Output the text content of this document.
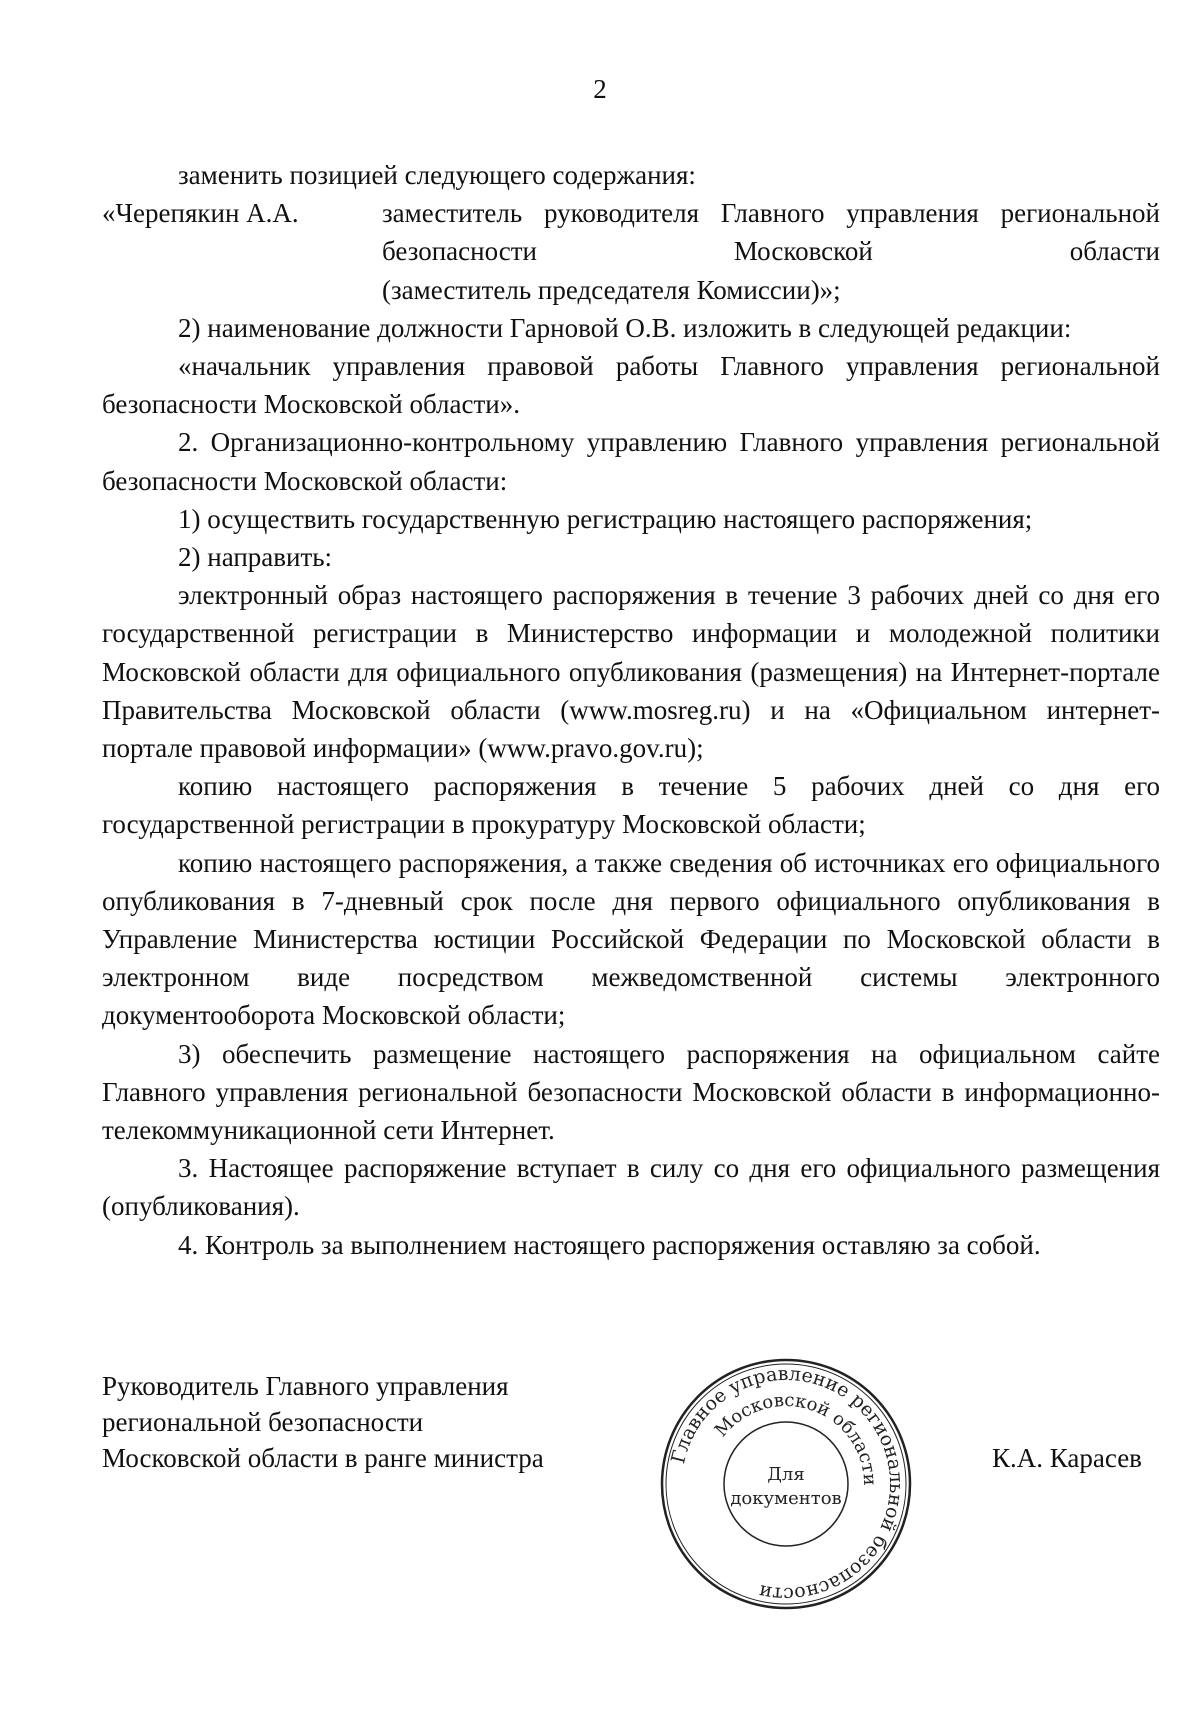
2

заменить позицией следующего содержания:

«Черепякин А.А.	заместитель руководителя Главного управления региональной безопасности Московской области
(заместитель председателя Комиссии)»;

2) наименование должности Гарновой О.В. изложить в следующей редакции:

«начальник управления правовой работы Главного управления региональной безопасности Московской области».

2. Организационно-контрольному управлению Главного управления региональной безопасности Московской области:

1) осуществить государственную регистрацию настоящего распоряжения;

2) направить:

электронный образ настоящего распоряжения в течение 3 рабочих дней со дня его государственной регистрации в Министерство информации и молодежной политики Московской области для официального опубликования (размещения) на Интернет-портале Правительства Московской области (www.mosreg.ru) и на «Официальном интернет-портале правовой информации» (www.pravo.gov.ru);

копию настоящего распоряжения в течение 5 рабочих дней со дня его государственной регистрации в прокуратуру Московской области;

копию настоящего распоряжения, а также сведения об источниках его официального опубликования в 7-дневный срок после дня первого официального опубликования в Управление Министерства юстиции Российской Федерации по Московской области в электронном виде посредством межведомственной системы электронного документооборота Московской области;

3) обеспечить размещение настоящего распоряжения на официальном сайте Главного управления региональной безопасности Московской области в информационно-телекоммуникационной сети Интернет.

3. Настоящее распоряжение вступает в силу со дня его официального размещения (опубликования).

4. Контроль за выполнением настоящего распоряжения оставляю за собой.

Руководитель Главного управления
региональной безопасности
Московской области в ранге министра	К.А. Карасев
Главное управление региональной безопасности
Московской области
Для
документов
